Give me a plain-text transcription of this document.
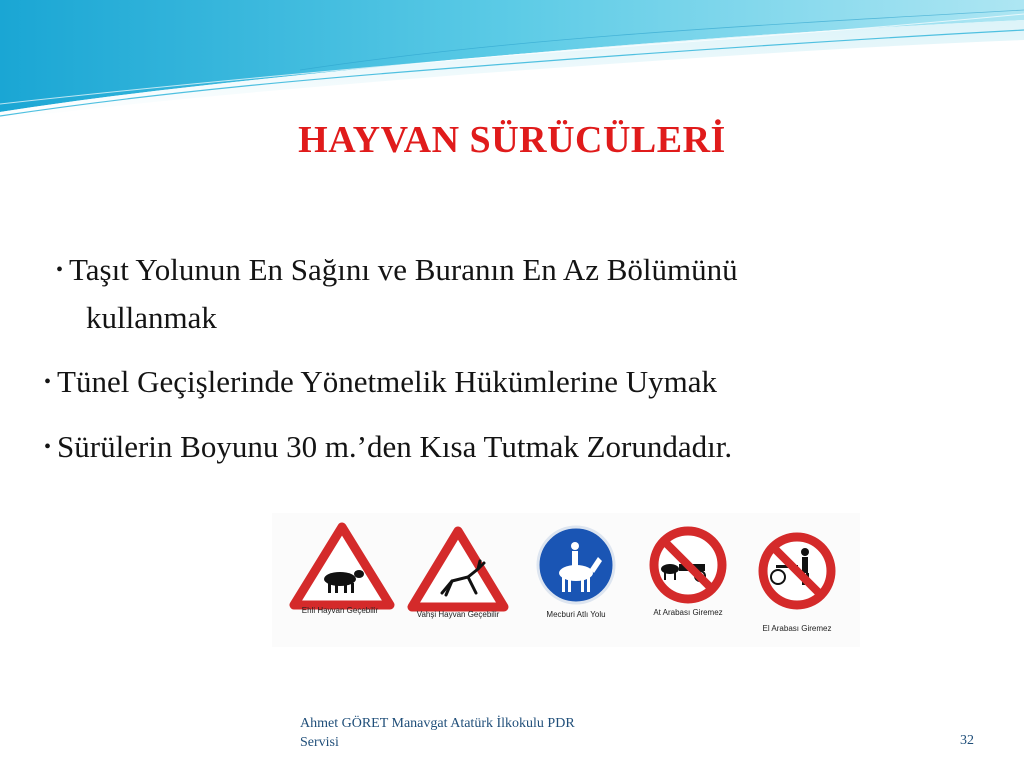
HAYVAN SÜRÜCÜLERİ
• Taşıt Yolunun En Sağını ve Buranın En Az Bölümünü
kullanmak
• Tünel Geçişlerinde Yönetmelik Hükümlerine Uymak
• Sürülerin Boyunu 30 m.’den Kısa Tutmak Zorundadır.
Ehli Hayvan Geçebilir	Vahşi Hayvan Geçebilir	Mecburi Atlı Yolu	At Arabası Giremez
El Arabası Giremez
Ahmet GÖRET Manavgat Atatürk İlkokulu PDR
Servisi	32
